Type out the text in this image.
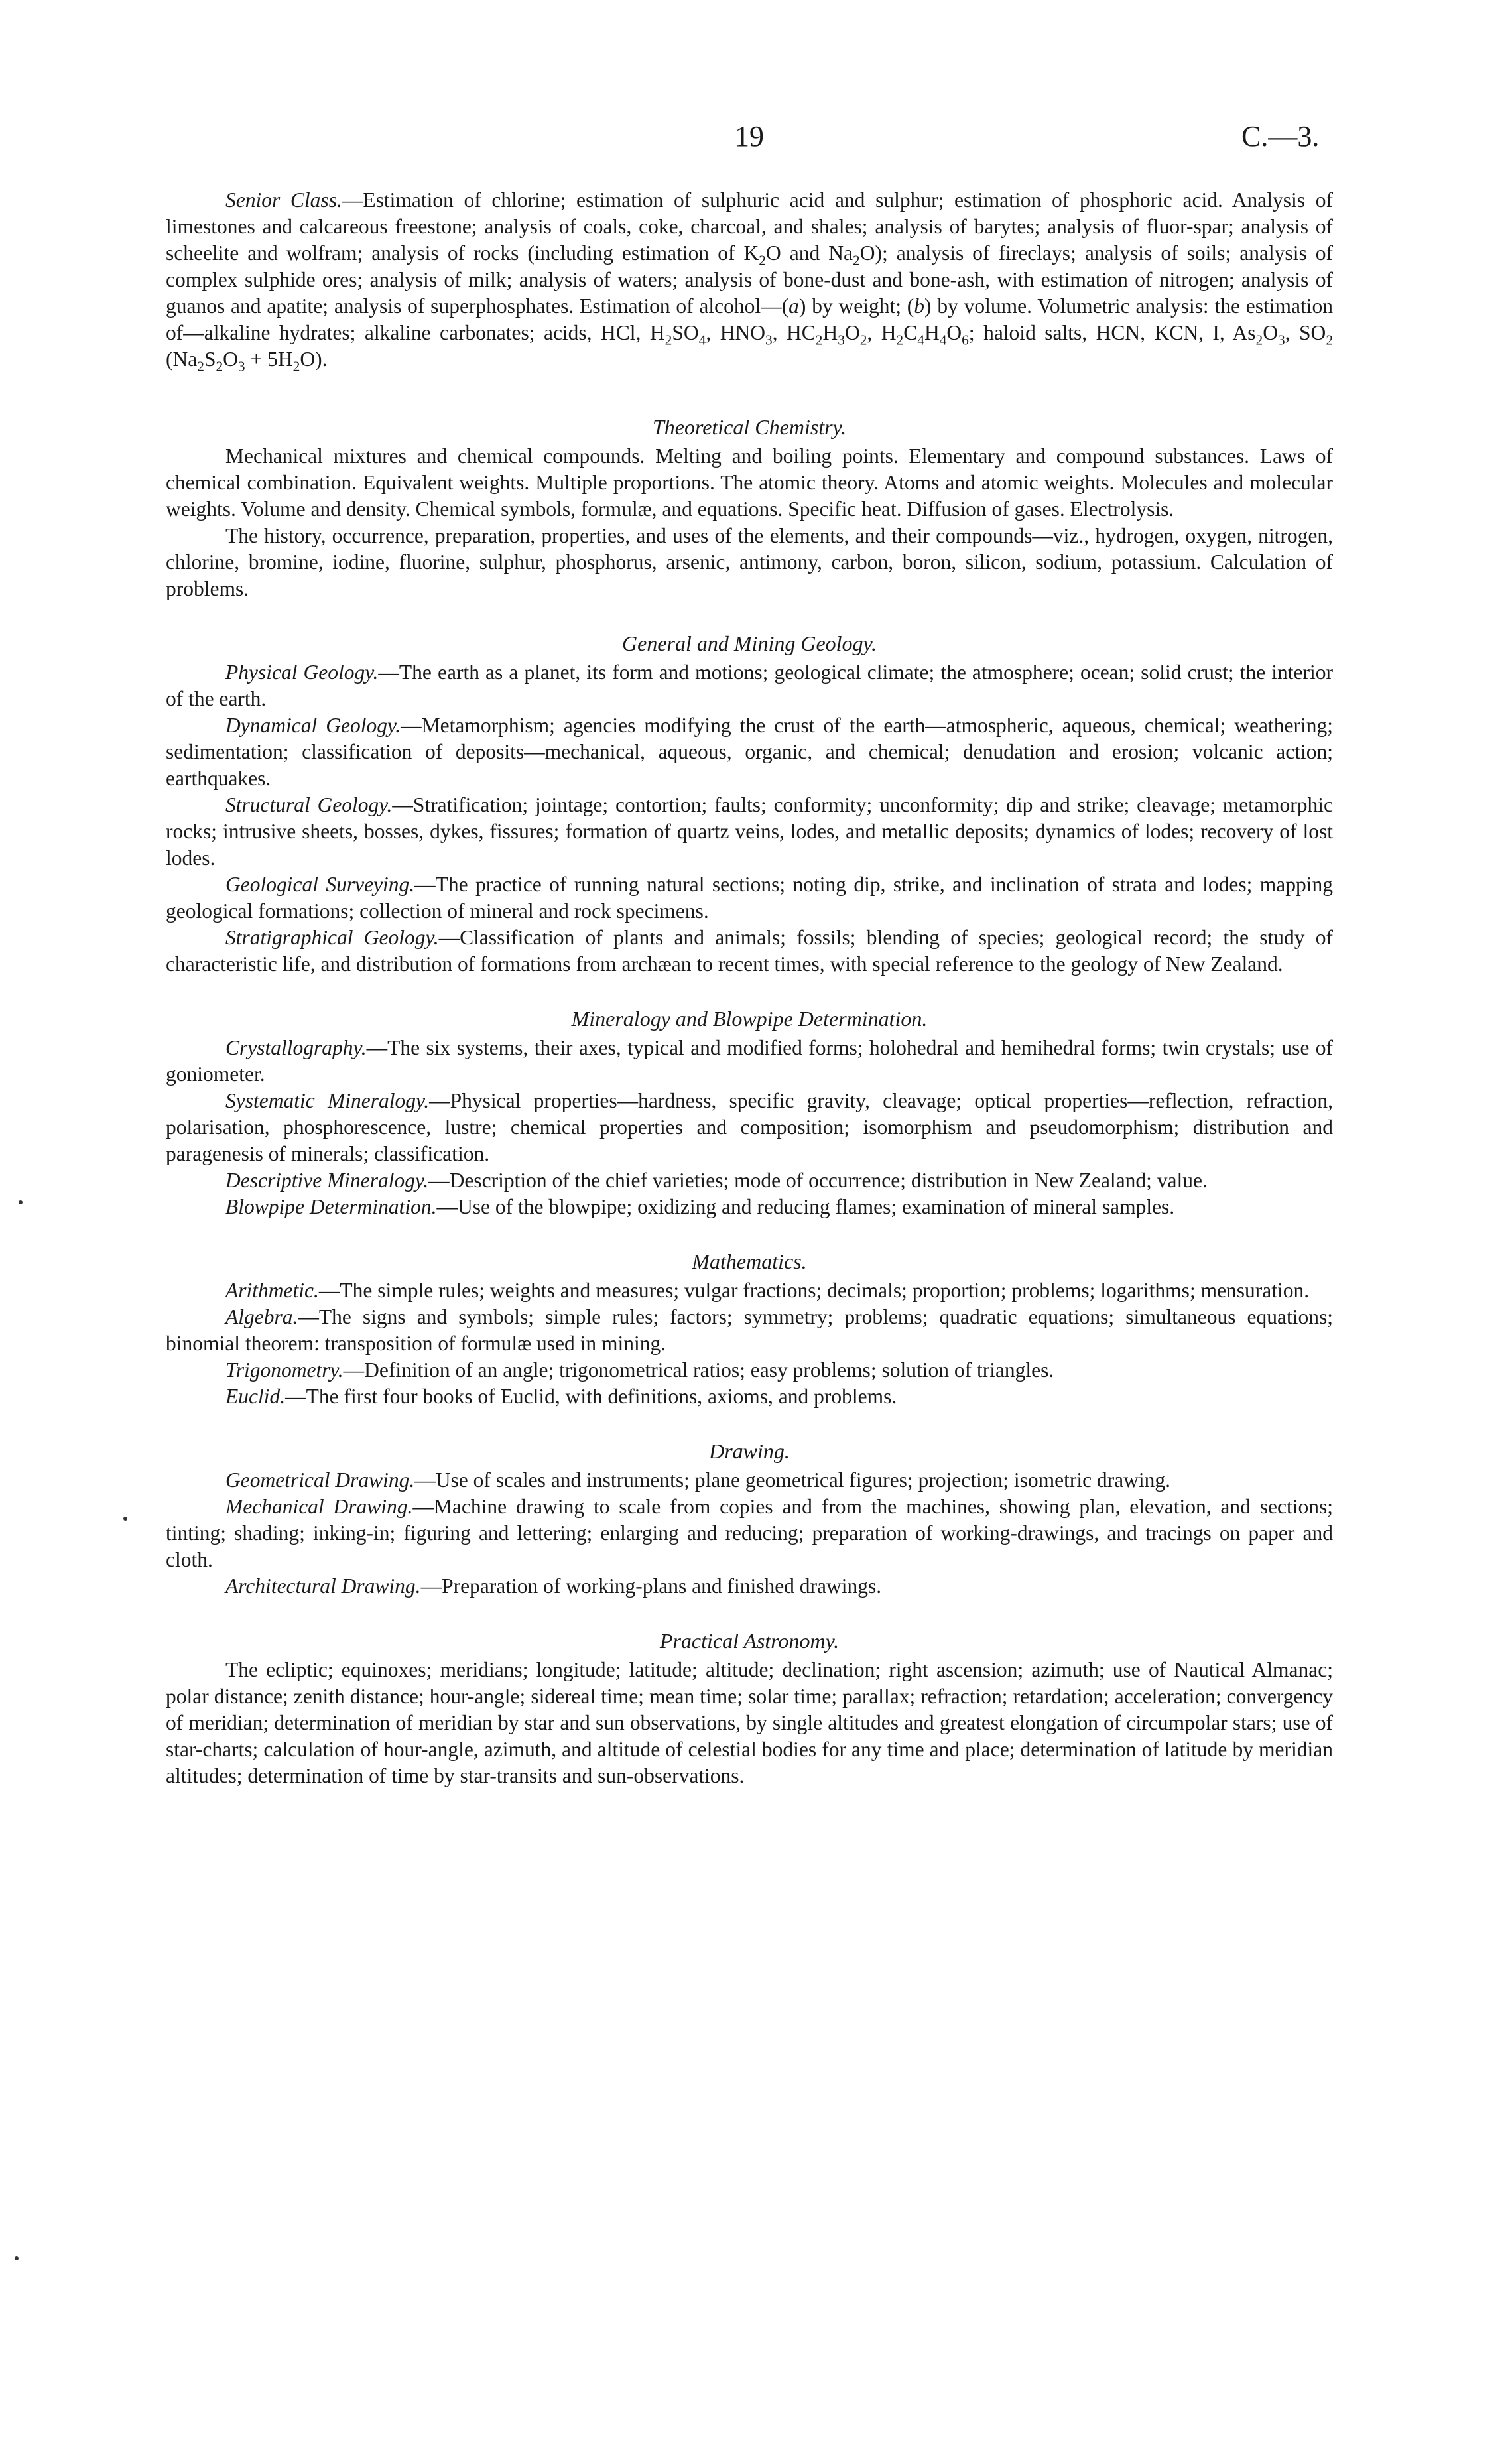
19	C.—3.

Senior Class.—Estimation of chlorine; estimation of sulphuric acid and sulphur; estimation of phosphoric acid. Analysis of limestones and calcareous freestone; analysis of coals, coke, charcoal, and shales; analysis of barytes; analysis of fluor-spar; analysis of scheelite and wolfram; analysis of rocks (including estimation of $K_2O$ and $Na_2O$); analysis of fireclays; analysis of soils; analysis of complex sulphide ores; analysis of milk; analysis of waters; analysis of bone-dust and bone-ash, with estimation of nitrogen; analysis of guanos and apatite; analysis of superphosphates. Estimation of alcohol—(a) by weight; (b) by volume. Volumetric analysis: the estimation of—alkaline hydrates; alkaline carbonates; acids, HCl, $H_2SO_4$, $HNO_3$, $HC_2H_3O_2$, $H_2C_4H_4O_6$; haloid salts, HCN, KCN, I, $As_2O_3$, $SO_2$ $(Na_2S_2O_3 + 5H_2O)$.

Theoretical Chemistry.

Mechanical mixtures and chemical compounds. Melting and boiling points. Elementary and compound substances. Laws of chemical combination. Equivalent weights. Multiple proportions. The atomic theory. Atoms and atomic weights. Molecules and molecular weights. Volume and density. Chemical symbols, formulæ, and equations. Specific heat. Diffusion of gases. Electrolysis.

The history, occurrence, preparation, properties, and uses of the elements, and their compounds—viz., hydrogen, oxygen, nitrogen, chlorine, bromine, iodine, fluorine, sulphur, phosphorus, arsenic, antimony, carbon, boron, silicon, sodium, potassium. Calculation of problems.

General and Mining Geology.

Physical Geology.—The earth as a planet, its form and motions; geological climate; the atmosphere; ocean; solid crust; the interior of the earth.

Dynamical Geology.—Metamorphism; agencies modifying the crust of the earth—atmospheric, aqueous, chemical; weathering; sedimentation; classification of deposits—mechanical, aqueous, organic, and chemical; denudation and erosion; volcanic action; earthquakes.

Structural Geology.—Stratification; jointage; contortion; faults; conformity; unconformity; dip and strike; cleavage; metamorphic rocks; intrusive sheets, bosses, dykes, fissures; formation of quartz veins, lodes, and metallic deposits; dynamics of lodes; recovery of lost lodes.

Geological Surveying.—The practice of running natural sections; noting dip, strike, and inclination of strata and lodes; mapping geological formations; collection of mineral and rock specimens.

Stratigraphical Geology.—Classification of plants and animals; fossils; blending of species; geological record; the study of characteristic life, and distribution of formations from archæan to recent times, with special reference to the geology of New Zealand.

Mineralogy and Blowpipe Determination.

Crystallography.—The six systems, their axes, typical and modified forms; holohedral and hemihedral forms; twin crystals; use of goniometer.

Systematic Mineralogy.—Physical properties—hardness, specific gravity, cleavage; optical properties—reflection, refraction, polarisation, phosphorescence, lustre; chemical properties and composition; isomorphism and pseudomorphism; distribution and paragenesis of minerals; classification.

Descriptive Mineralogy.—Description of the chief varieties; mode of occurrence; distribution in New Zealand; value.

Blowpipe Determination.—Use of the blowpipe; oxidizing and reducing flames; examination of mineral samples.

Mathematics.

Arithmetic.—The simple rules; weights and measures; vulgar fractions; decimals; proportion; problems; logarithms; mensuration.

Algebra.—The signs and symbols; simple rules; factors; symmetry; problems; quadratic equations; simultaneous equations; binomial theorem: transposition of formulæ used in mining.

Trigonometry.—Definition of an angle; trigonometrical ratios; easy problems; solution of triangles.

Euclid.—The first four books of Euclid, with definitions, axioms, and problems.

Drawing.

Geometrical Drawing.—Use of scales and instruments; plane geometrical figures; projection; isometric drawing.

Mechanical Drawing.—Machine drawing to scale from copies and from the machines, showing plan, elevation, and sections; tinting; shading; inking-in; figuring and lettering; enlarging and reducing; preparation of working-drawings, and tracings on paper and cloth.

Architectural Drawing.—Preparation of working-plans and finished drawings.

Practical Astronomy.

The ecliptic; equinoxes; meridians; longitude; latitude; altitude; declination; right ascension; azimuth; use of Nautical Almanac; polar distance; zenith distance; hour-angle; sidereal time; mean time; solar time; parallax; refraction; retardation; acceleration; convergency of meridian; determination of meridian by star and sun observations, by single altitudes and greatest elongation of circumpolar stars; use of star-charts; calculation of hour-angle, azimuth, and altitude of celestial bodies for any time and place; determination of latitude by meridian altitudes; determination of time by star-transits and sun-observations.
